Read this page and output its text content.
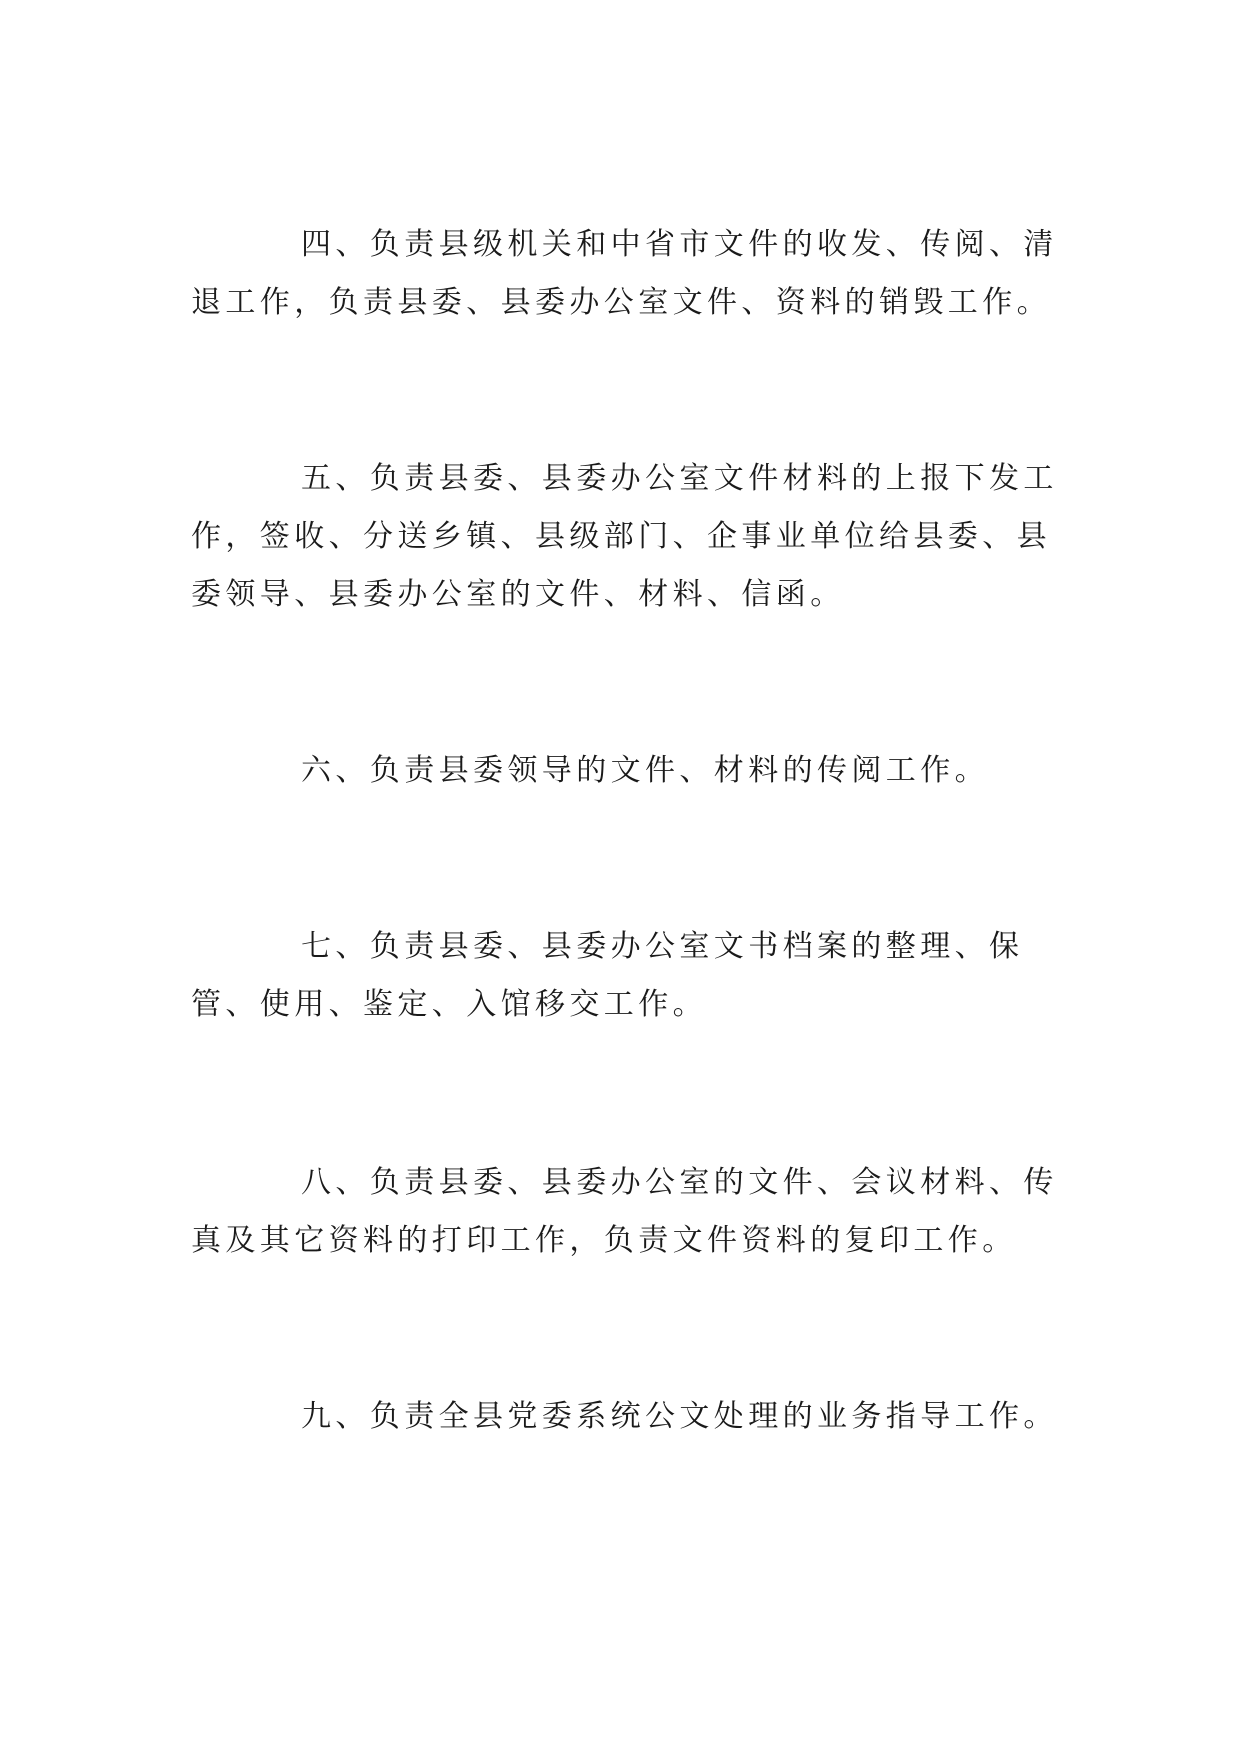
四、负责县级机关和中省市文件的收发、传阅、清退工作，负责县委、县委办公室文件、资料的销毁工作。

五、负责县委、县委办公室文件材料的上报下发工作，签收、分送乡镇、县级部门、企事业单位给县委、县委领导、县委办公室的文件、材料、信函。

六、负责县委领导的文件、材料的传阅工作。

七、负责县委、县委办公室文书档案的整理、保管、使用、鉴定、入馆移交工作。

八、负责县委、县委办公室的文件、会议材料、传真及其它资料的打印工作，负责文件资料的复印工作。

九、负责全县党委系统公文处理的业务指导工作。
